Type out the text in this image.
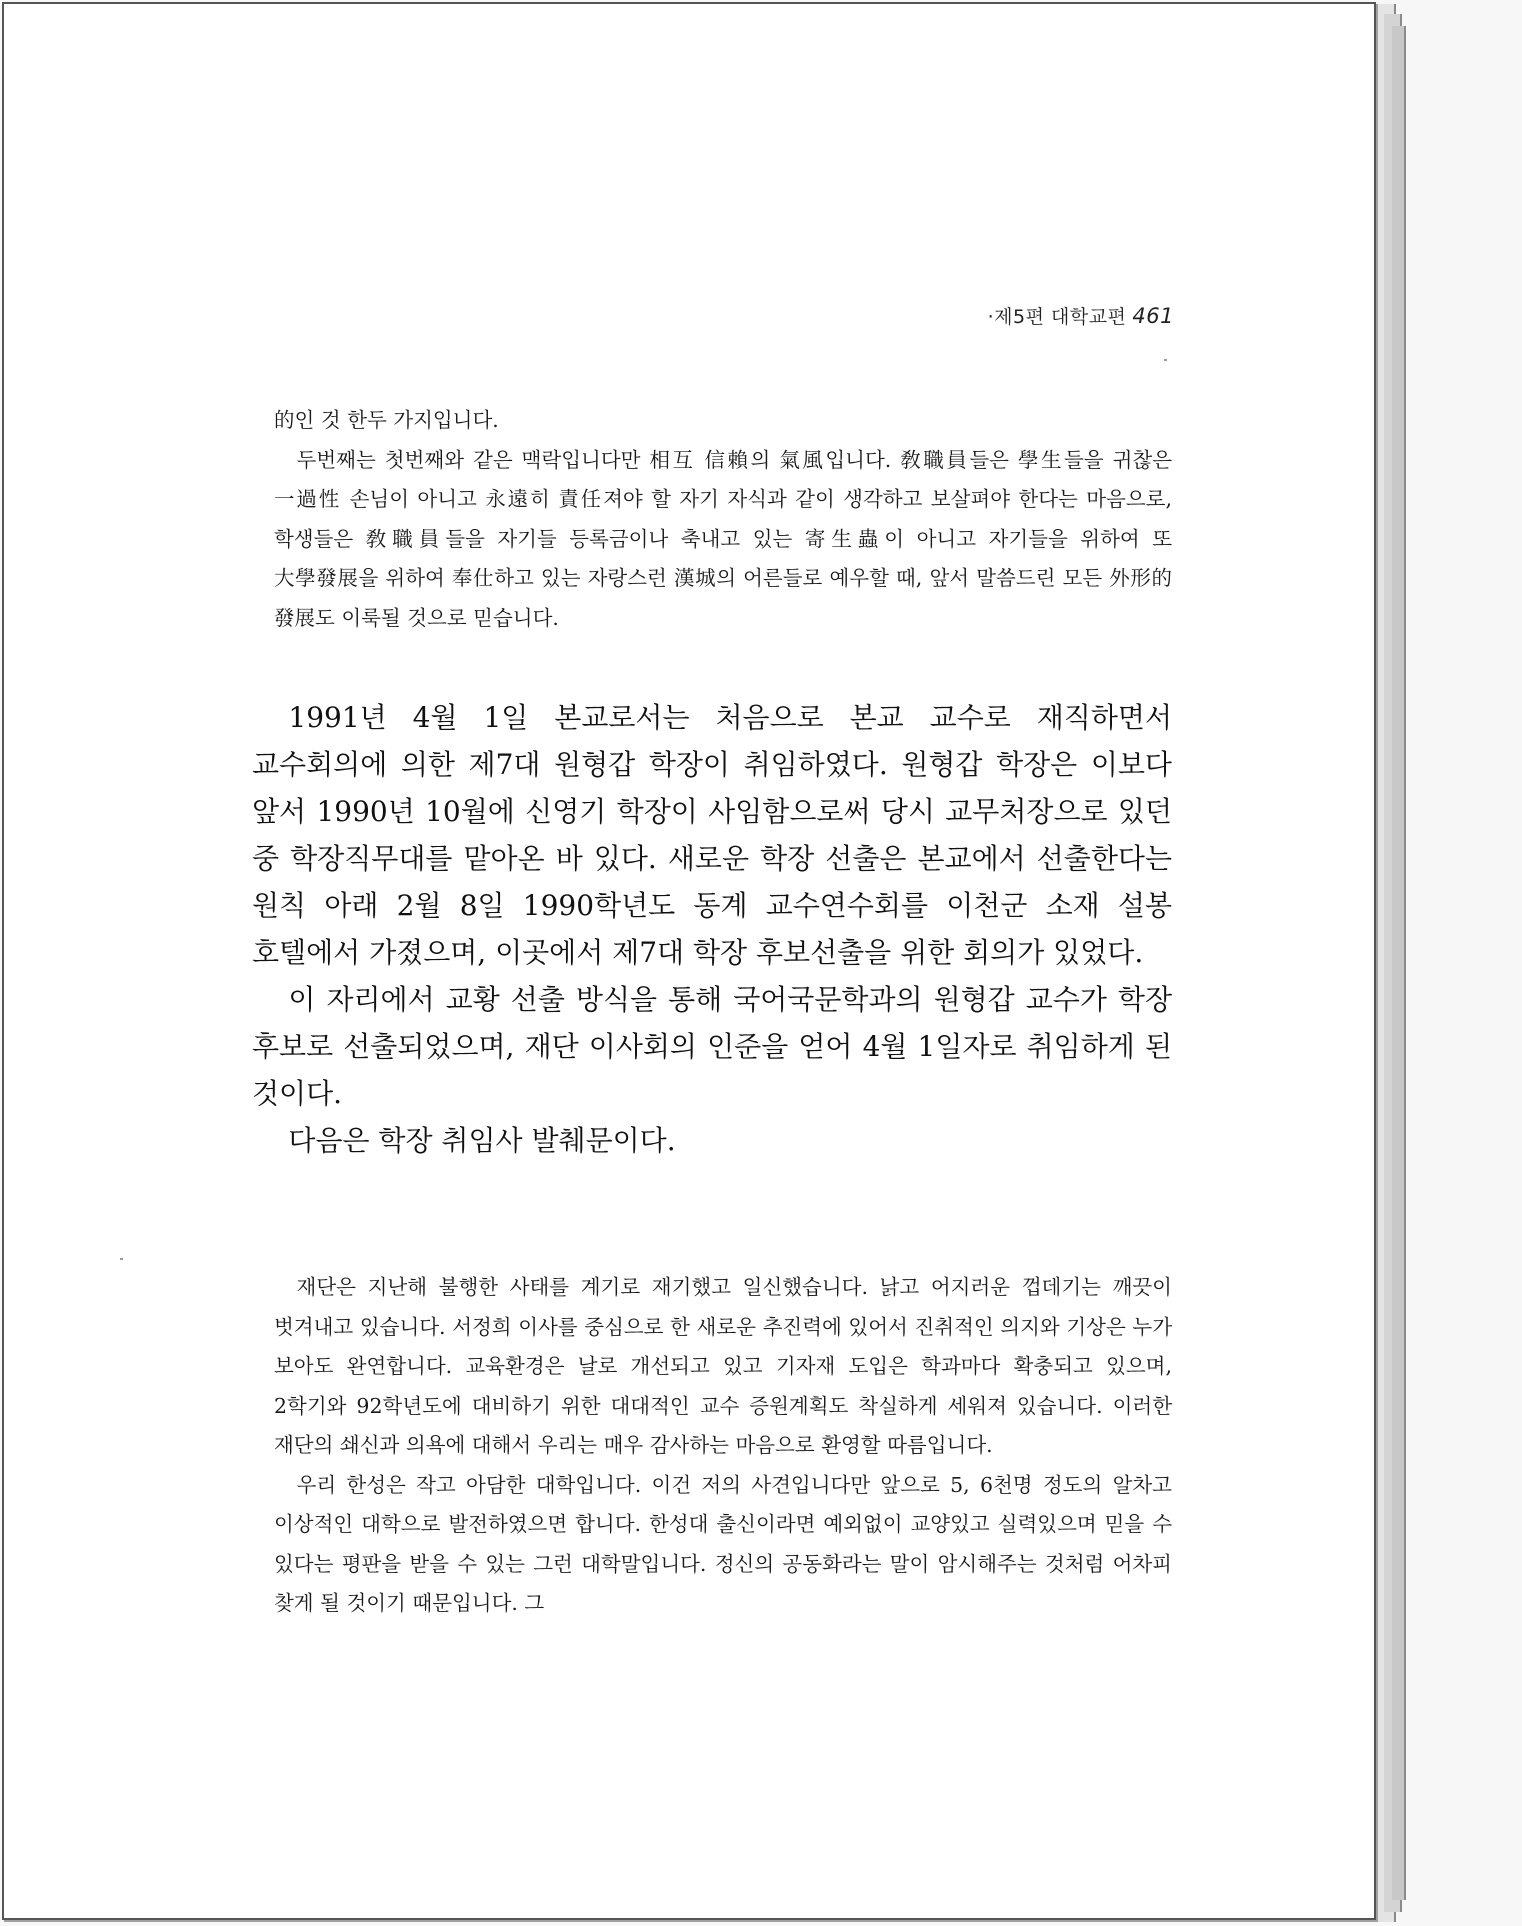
·제5편 대학교편 461

的인 것 한두 가지입니다.

두번째는 첫번째와 같은 맥락입니다만 相互 信賴의 氣風입니다. 敎職員들은 學生들을 귀찮은 一過性 손님이 아니고 永遠히 責任져야 할 자기 자식과 같이 생각하고 보살펴야 한다는 마음으로, 학생들은 敎職員들을 자기들 등록금이나 축내고 있는 寄生蟲이 아니고 자기들을 위하여 또 大學發展을 위하여 奉仕하고 있는 자랑스런 漢城의 어른들로 예우할 때, 앞서 말씀드린 모든 外形的 發展도 이룩될 것으로 믿습니다.

1991년 4월 1일 본교로서는 처음으로 본교 교수로 재직하면서 교수회의에 의한 제7대 원형갑 학장이 취임하였다. 원형갑 학장은 이보다 앞서 1990년 10월에 신영기 학장이 사임함으로써 당시 교무처장으로 있던 중 학장직무대를 맡아온 바 있다. 새로운 학장 선출은 본교에서 선출한다는 원칙 아래 2월 8일 1990학년도 동계 교수연수회를 이천군 소재 설봉 호텔에서 가졌으며, 이곳에서 제7대 학장 후보선출을 위한 회의가 있었다.

이 자리에서 교황 선출 방식을 통해 국어국문학과의 원형갑 교수가 학장 후보로 선출되었으며, 재단 이사회의 인준을 얻어 4월 1일자로 취임하게 된 것이다.

다음은 학장 취임사 발췌문이다.

재단은 지난해 불행한 사태를 계기로 재기했고 일신했습니다. 낡고 어지러운 껍데기는 깨끗이 벗겨내고 있습니다. 서정희 이사를 중심으로 한 새로운 추진력에 있어서 진취적인 의지와 기상은 누가 보아도 완연합니다. 교육환경은 날로 개선되고 있고 기자재 도입은 학과마다 확충되고 있으며, 2학기와 92학년도에 대비하기 위한 대대적인 교수 증원계획도 착실하게 세워져 있습니다. 이러한 재단의 쇄신과 의욕에 대해서 우리는 매우 감사하는 마음으로 환영할 따름입니다.

우리 한성은 작고 아담한 대학입니다. 이건 저의 사견입니다만 앞으로 5, 6천명 정도의 알차고 이상적인 대학으로 발전하였으면 합니다. 한성대 출신이라면 예외없이 교양있고 실력있으며 믿을 수 있다는 평판을 받을 수 있는 그런 대학말입니다. 정신의 공동화라는 말이 암시해주는 것처럼 어차피 찾게 될 것이기 때문입니다. 그
